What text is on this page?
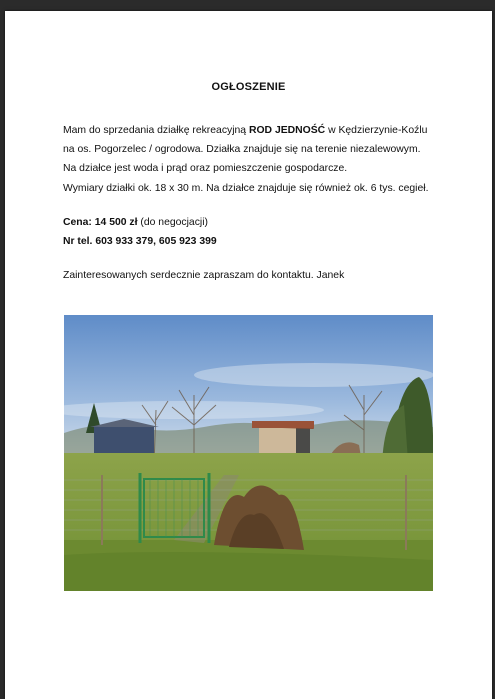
OGŁOSZENIE
Mam do sprzedania działkę rekreacyjną ROD JEDNOŚĆ w Kędzierzynie-Koźlu
na os. Pogorzelec / ogrodowa. Działka znajduje się na terenie niezalewowym.
Na działce jest woda i prąd oraz pomieszczenie gospodarcze.
Wymiary działki ok. 18 x 30 m. Na działce znajduje się również ok. 6 tys. cegieł.
Cena: 14 500 zł (do negocjacji)
Nr tel. 603 933 379, 605 923 399
Zainteresowanych serdecznie zapraszam do kontaktu. Janek
